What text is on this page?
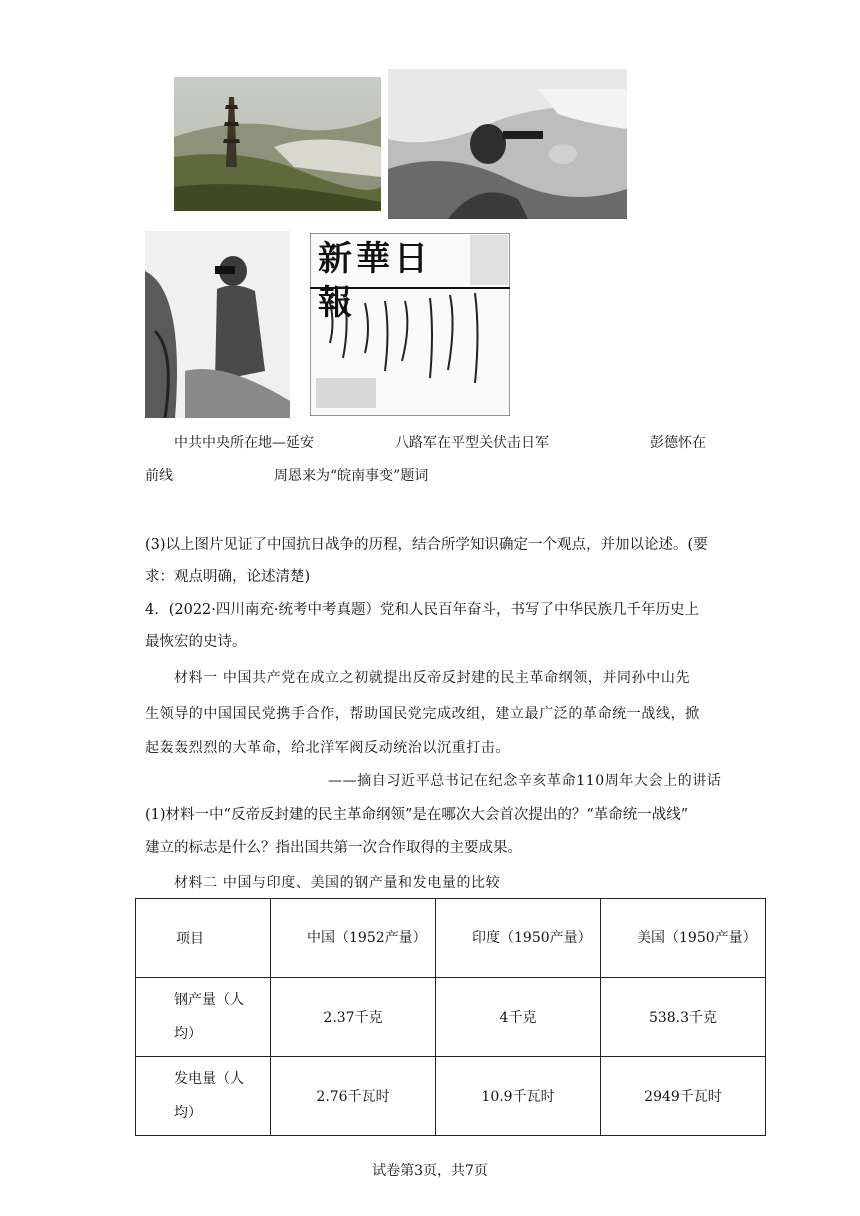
新華日報
中共中央所在地—延安	八路军在平型关伏击日军	彭德怀在
前线	周恩来为“皖南事变”题词
(3)以上图片见证了中国抗日战争的历程，结合所学知识确定一个观点，并加以论述。(要
求：观点明确，论述清楚)
4．(2022·四川南充·统考中考真题）党和人民百年奋斗，书写了中华民族几千年历史上
最恢宏的史诗。
材料一 中国共产党在成立之初就提出反帝反封建的民主革命纲领，并同孙中山先
生领导的中国国民党携手合作，帮助国民党完成改组，建立最广泛的革命统一战线，掀
起轰轰烈烈的大革命，给北洋军阀反动统治以沉重打击。
——摘自习近平总书记在纪念辛亥革命110周年大会上的讲话
(1)材料一中“反帝反封建的民主革命纲领”是在哪次大会首次提出的？“革命统一战线”
建立的标志是什么？指出国共第一次合作取得的主要成果。
材料二 中国与印度、美国的钢产量和发电量的比较
项目	中国（1952产量）	印度（1950产量）	美国（1950产量）

钢产量（人均）	2.37千克	4千克	538.3千克

发电量（人均）	2.76千瓦时	10.9千瓦时	2949千瓦时
试卷第3页，共7页
